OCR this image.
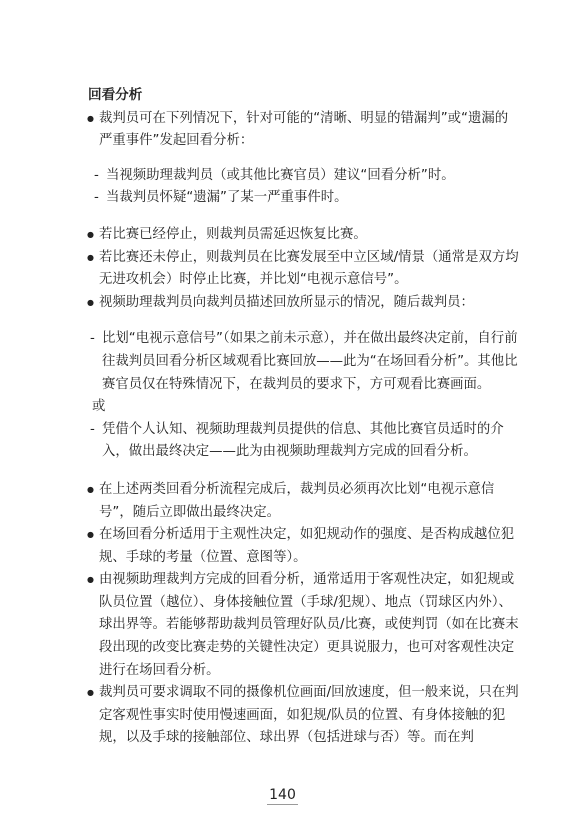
回看分析

● 裁判员可在下列情况下，针对可能的“清晰、明显的错漏判”或“遗漏的严重事件”发起回看分析：

- 当视频助理裁判员（或其他比赛官员）建议“回看分析”时。

- 当裁判员怀疑“遗漏”了某一严重事件时。

● 若比赛已经停止，则裁判员需延迟恢复比赛。

● 若比赛还未停止，则裁判员在比赛发展至中立区域/情景（通常是双方均无进攻机会）时停止比赛，并比划“电视示意信号”。

● 视频助理裁判员向裁判员描述回放所显示的情况，随后裁判员：

- 比划“电视示意信号”（如果之前未示意），并在做出最终决定前，自行前往裁判员回看分析区域观看比赛回放——此为“在场回看分析”。其他比赛官员仅在特殊情况下，在裁判员的要求下，方可观看比赛画面。

或

- 凭借个人认知、视频助理裁判员提供的信息、其他比赛官员适时的介入，做出最终决定——此为由视频助理裁判方完成的回看分析。

● 在上述两类回看分析流程完成后，裁判员必须再次比划“电视示意信号”，随后立即做出最终决定。

● 在场回看分析适用于主观性决定，如犯规动作的强度、是否构成越位犯规、手球的考量（位置、意图等）。

● 由视频助理裁判方完成的回看分析，通常适用于客观性决定，如犯规或队员位置（越位）、身体接触位置（手球/犯规）、地点（罚球区内外）、球出界等。若能够帮助裁判员管理好队员/比赛，或使判罚（如在比赛末段出现的改变比赛走势的关键性决定）更具说服力，也可对客观性决定进行在场回看分析。

● 裁判员可要求调取不同的摄像机位画面/回放速度，但一般来说，只在判定客观性事实时使用慢速画面，如犯规/队员的位置、有身体接触的犯规，以及手球的接触部位、球出界（包括进球与否）等。而在判

140
